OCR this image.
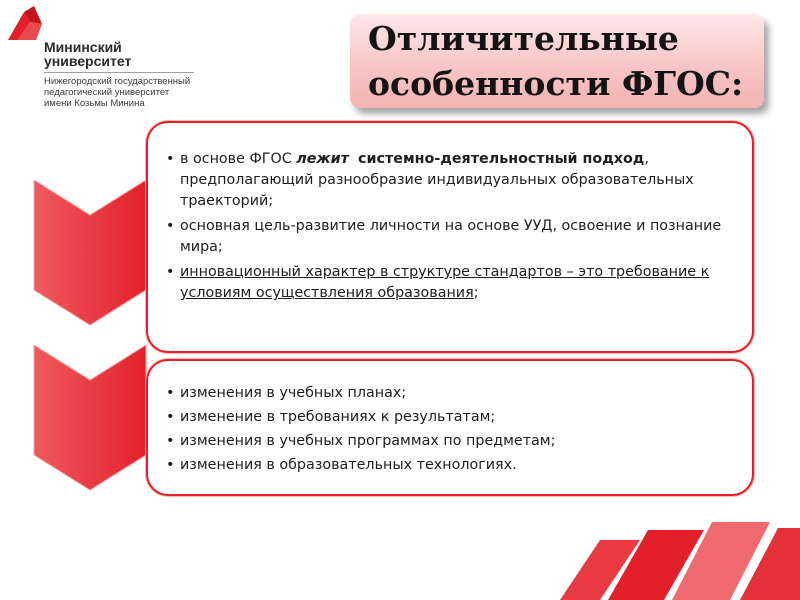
Мининский
университет
Нижегородский государственный
педагогический университет
имени Козьмы Минина
Отличительные
особенности ФГОС:
• в основе ФГОС лежит системно-деятельностный подход, предполагающий разнообразие индивидуальных образовательных траекторий;
• основная цель-развитие личности на основе УУД, освоение и познание мира;
• инновационный характер в структуре стандартов – это требование к условиям осуществления образования;
• изменения в учебных планах;
• изменение в требованиях к результатам;
• изменения в учебных программах по предметам;
• изменения в образовательных технологиях.
